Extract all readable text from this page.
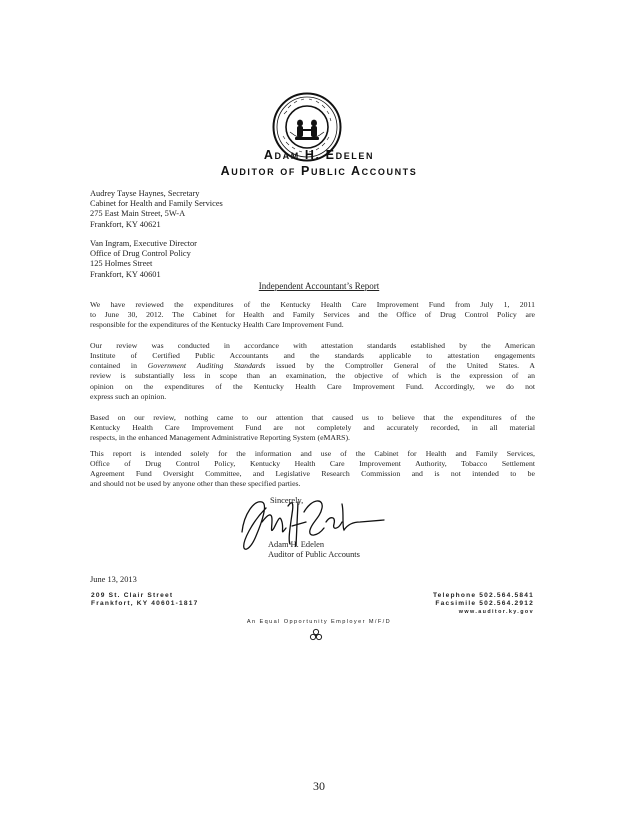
Adam H. Edelen
Auditor of Public Accounts
Audrey Tayse Haynes, Secretary
Cabinet for Health and Family Services
275 East Main Street, 5W-A
Frankfort, KY 40621
Van Ingram, Executive Director
Office of Drug Control Policy
125 Holmes Street
Frankfort, KY 40601
Independent Accountant’s Report
We have reviewed the expenditures of the Kentucky Health Care Improvement Fund from July 1, 2011
to June 30, 2012. The Cabinet for Health and Family Services and the Office of Drug Control Policy are
responsible for the expenditures of the Kentucky Health Care Improvement Fund.
Our review was conducted in accordance with attestation standards established by the American
Institute of Certified Public Accountants and the standards applicable to attestation engagements
contained in Government Auditing Standards issued by the Comptroller General of the United States. A
review is substantially less in scope than an examination, the objective of which is the expression of an
opinion on the expenditures of the Kentucky Health Care Improvement Fund. Accordingly, we do not
express such an opinion.
Based on our review, nothing came to our attention that caused us to believe that the expenditures of the
Kentucky Health Care Improvement Fund are not completely and accurately recorded, in all material
respects, in the enhanced Management Administrative Reporting System (eMARS).
This report is intended solely for the information and use of the Cabinet for Health and Family Services,
Office of Drug Control Policy, Kentucky Health Care Improvement Authority, Tobacco Settlement
Agreement Fund Oversight Committee, and Legislative Research Commission and is not intended to be
and should not be used by anyone other than these specified parties.
Sincerely,
Adam H. Edelen
Auditor of Public Accounts
June 13, 2013
209 St. Clair Street
Frankfort, KY 40601-1817
Telephone 502.564.5841
Facsimile 502.564.2912
www.auditor.ky.gov
An Equal Opportunity Employer M/F/D
30
